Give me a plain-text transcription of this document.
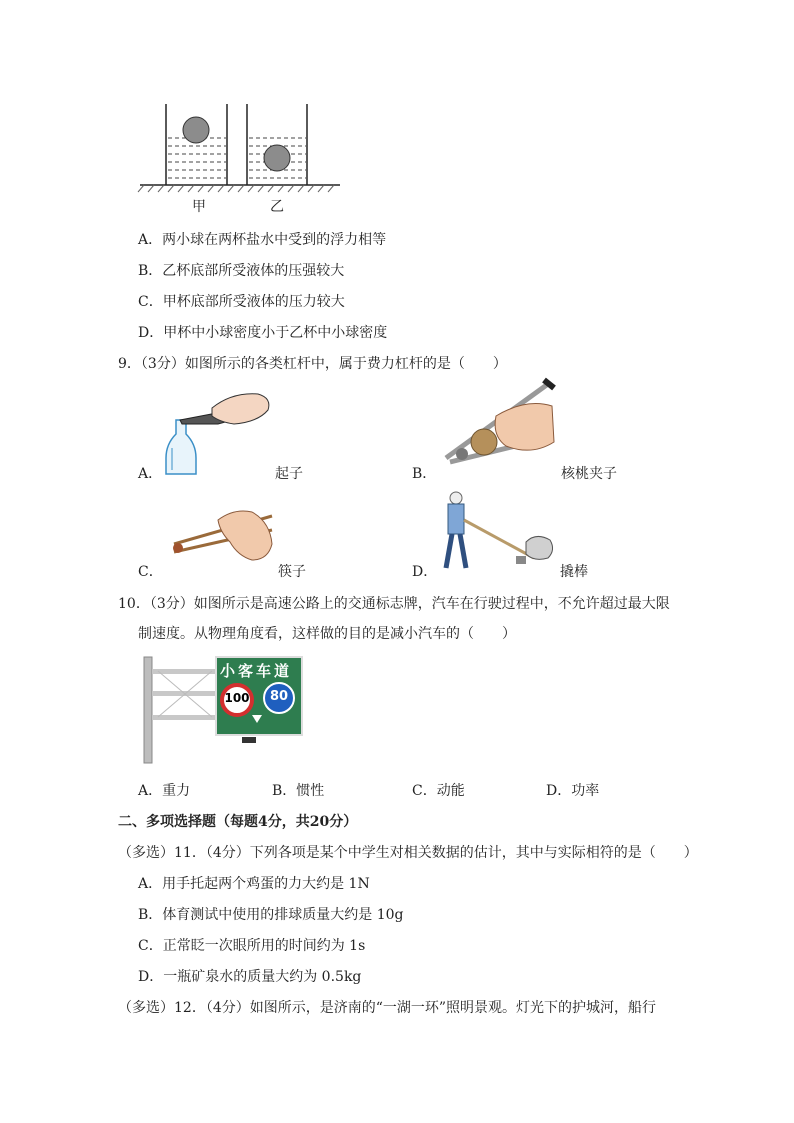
甲	乙
A．两小球在两杯盐水中受到的浮力相等
B．乙杯底部所受液体的压强较大
C．甲杯底部所受液体的压力较大
D．甲杯中小球密度小于乙杯中小球密度
9．（3分）如图所示的各类杠杆中，属于费力杠杆的是（　　）
A．	起子	B．	核桃夹子
C．	筷子	D．	撬棒
10．（3分）如图所示是高速公路上的交通标志牌，汽车在行驶过程中，不允许超过最大限
制速度。从物理角度看，这样做的目的是减小汽车的（　　）
小客车道
100	80
A．重力	B．惯性	C．动能	D．功率
二、多项选择题（每题4分，共20分）
（多选）11．（4分）下列各项是某个中学生对相关数据的估计，其中与实际相符的是（　　）
A．用手托起两个鸡蛋的力大约是 1N
B．体育测试中使用的排球质量大约是 10g
C．正常眨一次眼所用的时间约为 1s
D．一瓶矿泉水的质量大约为 0.5kg
（多选）12．（4分）如图所示，是济南的“一湖一环”照明景观。灯光下的护城河，船行
